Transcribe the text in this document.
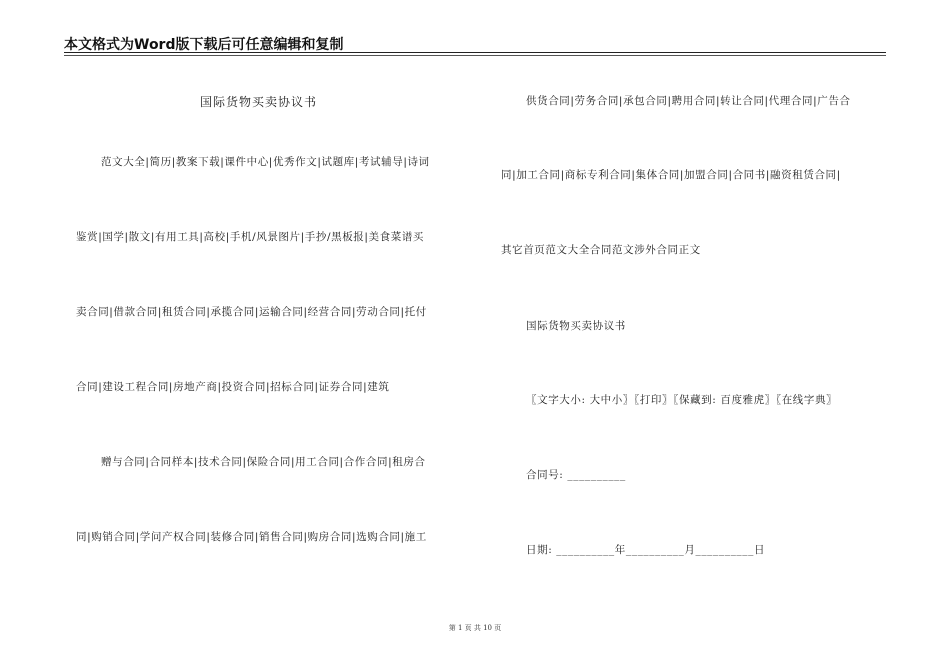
本文格式为Word版下载后可任意编辑和复制
国际货物买卖协议书
范文大全|简历|教案下载|课件中心|优秀作文|试题库|考试辅导|诗词
鉴赏|国学|散文|有用工具|高校|手机/风景图片|手抄/黑板报|美食菜谱买
卖合同|借款合同|租赁合同|承揽合同|运输合同|经营合同|劳动合同|托付
合同|建设工程合同|房地产商|投资合同|招标合同|证券合同|建筑
赠与合同|合同样本|技术合同|保险合同|用工合同|合作合同|租房合
同|购销合同|学问产权合同|装修合同|销售合同|购房合同|选购合同|施工
供货合同|劳务合同|承包合同|聘用合同|转让合同|代理合同|广告合
同|加工合同|商标专利合同|集体合同|加盟合同|合同书|融资租赁合同|
其它首页范文大全合同范文涉外合同正文
国际货物买卖协议书
〖文字大小: 大中小〗〖打印〗〖保藏到: 百度雅虎〗〖在线字典〗
合同号: __________
日期: __________年__________月__________日
第 1 页 共 10 页
